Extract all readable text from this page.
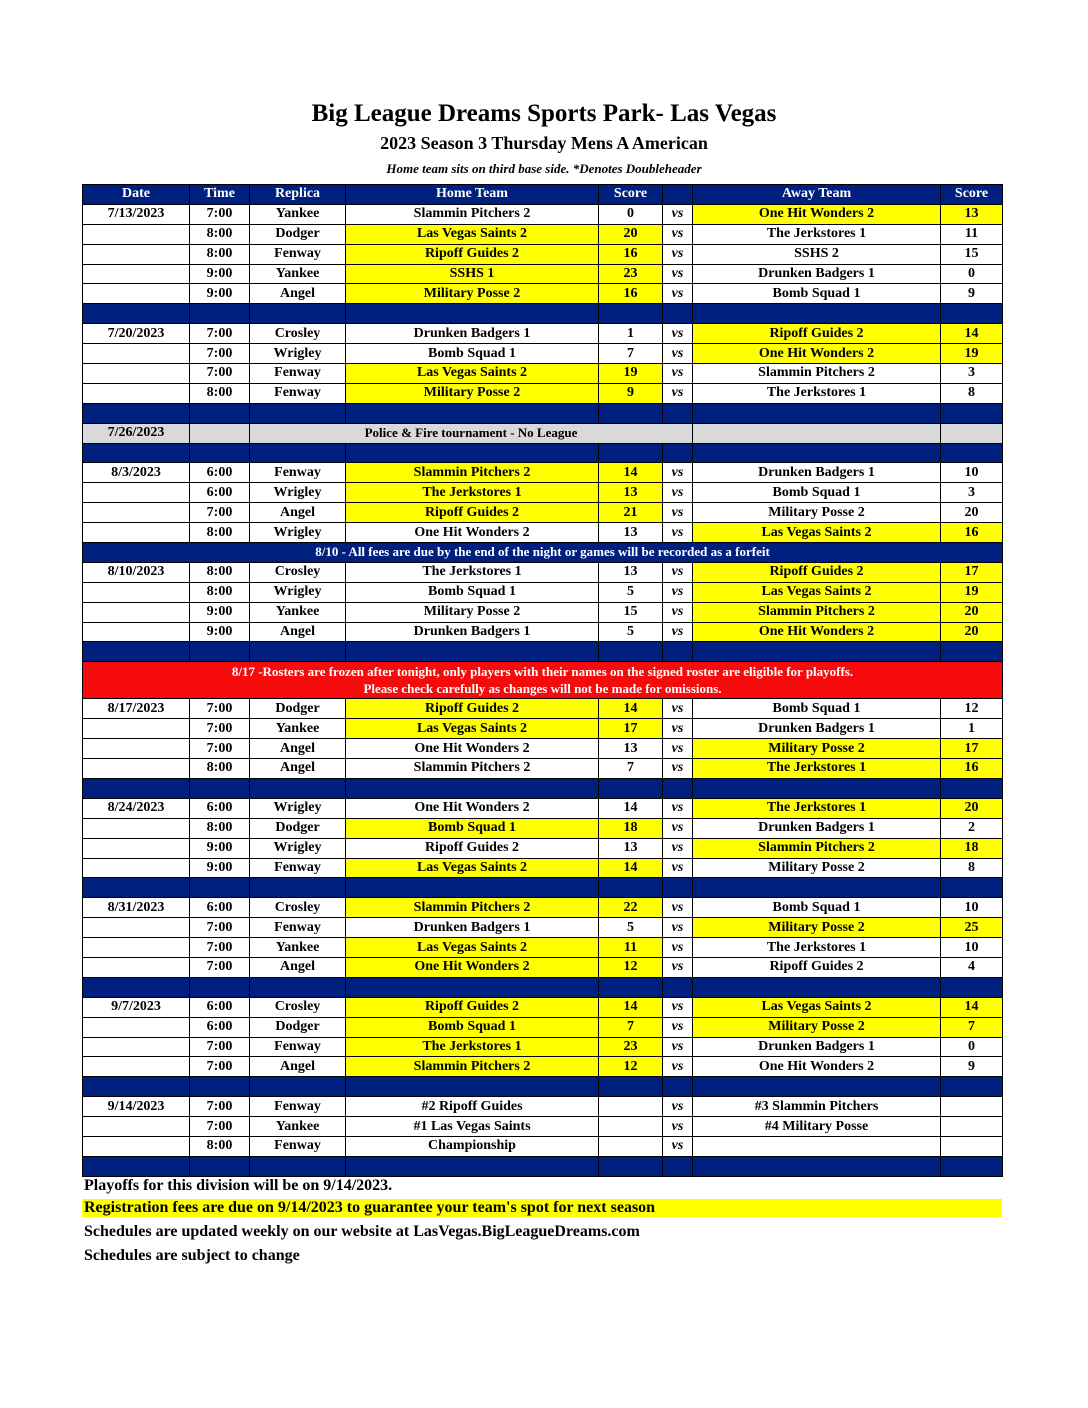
Big League Dreams Sports Park- Las Vegas
2023 Season 3 Thursday Mens A American
Home team sits on third base side. *Denotes Doubleheader
Date	Time	Replica	Home Team	Score		Away Team	Score
7/13/2023	7:00	Yankee	Slammin Pitchers 2	0	vs	One Hit Wonders 2	13
	8:00	Dodger	Las Vegas Saints 2	20	vs	The Jerkstores 1	11
	8:00	Fenway	Ripoff Guides 2	16	vs	SSHS 2	15
	9:00	Yankee	SSHS 1	23	vs	Drunken Badgers 1	0
	9:00	Angel	Military Posse 2	16	vs	Bomb Squad 1	9

7/20/2023	7:00	Crosley	Drunken Badgers 1	1	vs	Ripoff Guides 2	14
	7:00	Wrigley	Bomb Squad 1	7	vs	One Hit Wonders 2	19
	7:00	Fenway	Las Vegas Saints 2	19	vs	Slammin Pitchers 2	3
	8:00	Fenway	Military Posse 2	9	vs	The Jerkstores 1	8

7/26/2023		Police & Fire tournament - No League					

8/3/2023	6:00	Fenway	Slammin Pitchers 2	14	vs	Drunken Badgers 1	10
	6:00	Wrigley	The Jerkstores 1	13	vs	Bomb Squad 1	3
	7:00	Angel	Ripoff Guides 2	21	vs	Military Posse 2	20
	8:00	Wrigley	One Hit Wonders 2	13	vs	Las Vegas Saints 2	16
8/10 - All fees are due by the end of the night or games will be recorded as a forfeit							
8/10/2023	8:00	Crosley	The Jerkstores 1	13	vs	Ripoff Guides 2	17
	8:00	Wrigley	Bomb Squad 1	5	vs	Las Vegas Saints 2	19
	9:00	Yankee	Military Posse 2	15	vs	Slammin Pitchers 2	20
	9:00	Angel	Drunken Badgers 1	5	vs	One Hit Wonders 2	20

8/17 -Rosters are frozen after tonight, only players with their names on the signed roster are eligible for playoffs.
Please check carefully as changes will not be made for omissions.							

8/17/2023	7:00	Dodger	Ripoff Guides 2	14	vs	Bomb Squad 1	12
	7:00	Yankee	Las Vegas Saints 2	17	vs	Drunken Badgers 1	1
	7:00	Angel	One Hit Wonders 2	13	vs	Military Posse 2	17
	8:00	Angel	Slammin Pitchers 2	7	vs	The Jerkstores 1	16

8/24/2023	6:00	Wrigley	One Hit Wonders 2	14	vs	The Jerkstores 1	20
	8:00	Dodger	Bomb Squad 1	18	vs	Drunken Badgers 1	2
	9:00	Wrigley	Ripoff Guides 2	13	vs	Slammin Pitchers 2	18
	9:00	Fenway	Las Vegas Saints 2	14	vs	Military Posse 2	8

8/31/2023	6:00	Crosley	Slammin Pitchers 2	22	vs	Bomb Squad 1	10
	7:00	Fenway	Drunken Badgers 1	5	vs	Military Posse 2	25
	7:00	Yankee	Las Vegas Saints 2	11	vs	The Jerkstores 1	10
	7:00	Angel	One Hit Wonders 2	12	vs	Ripoff Guides 2	4

9/7/2023	6:00	Crosley	Ripoff Guides 2	14	vs	Las Vegas Saints 2	14
	6:00	Dodger	Bomb Squad 1	7	vs	Military Posse 2	7
	7:00	Fenway	The Jerkstores 1	23	vs	Drunken Badgers 1	0
	7:00	Angel	Slammin Pitchers 2	12	vs	One Hit Wonders 2	9

9/14/2023	7:00	Fenway	#2 Ripoff Guides		vs	#3 Slammin Pitchers	
	7:00	Yankee	#1 Las Vegas Saints		vs	#4 Military Posse	
	8:00	Fenway	Championship		vs		

Playoffs for this division will be on 9/14/2023.
Registration fees are due on 9/14/2023 to guarantee your team's spot for next season
Schedules are updated weekly on our website at LasVegas.BigLeagueDreams.com
Schedules are subject to change
